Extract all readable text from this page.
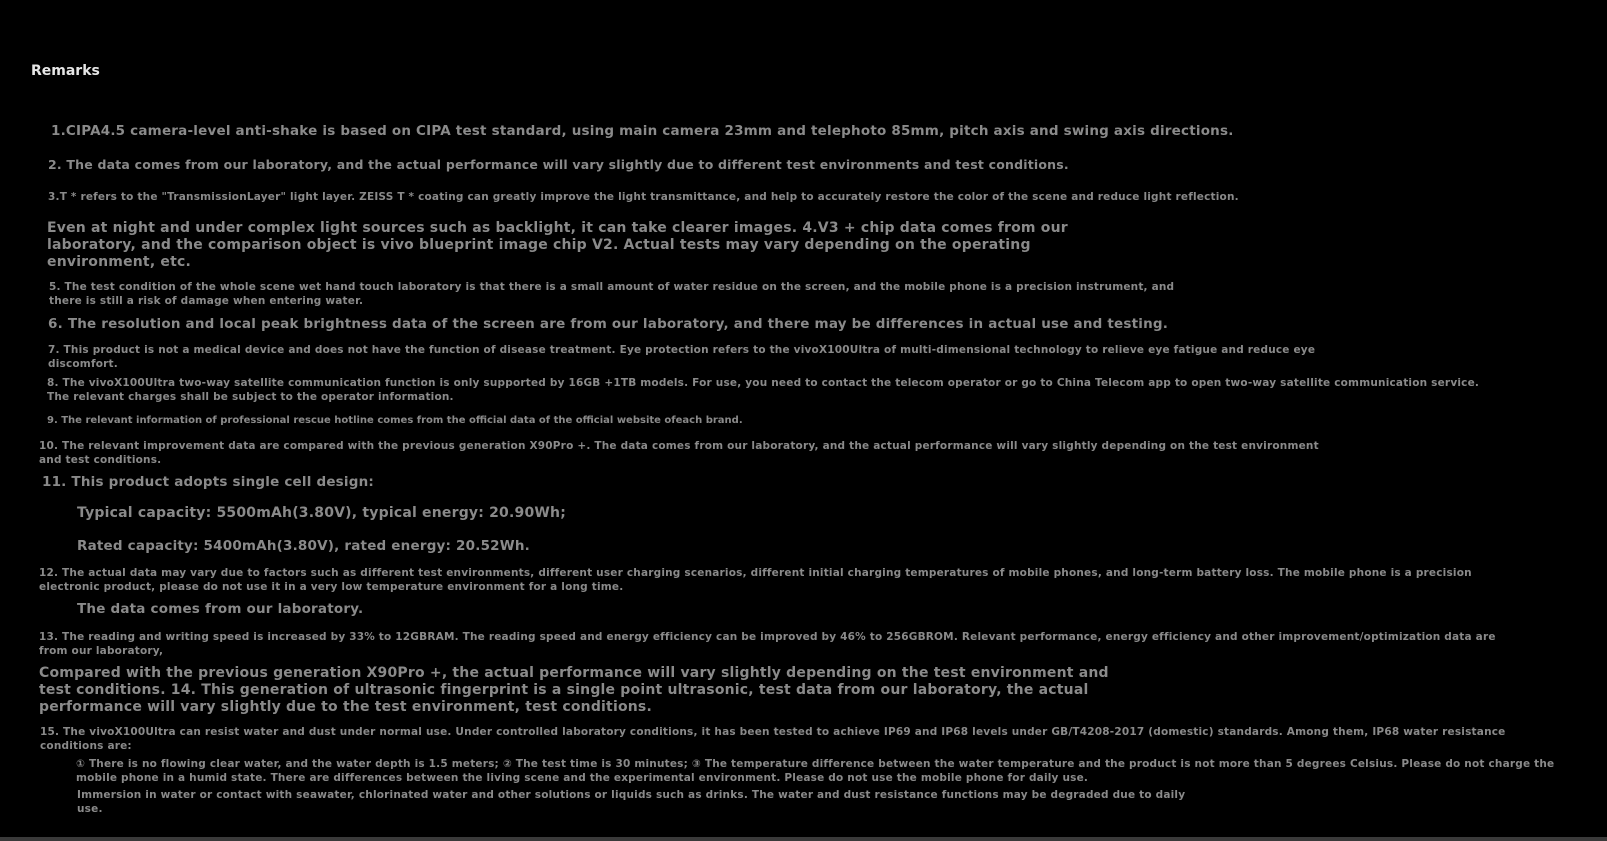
Remarks

1.CIPA4.5 camera-level anti-shake is based on CIPA test standard, using main camera 23mm and telephoto 85mm, pitch axis and swing axis directions.

2. The data comes from our laboratory, and the actual performance will vary slightly due to different test environments and test conditions.

3.T * refers to the "TransmissionLayer" light layer. ZEISS T * coating can greatly improve the light transmittance, and help to accurately restore the color of the scene and reduce light reflection.

Even at night and under complex light sources such as backlight, it can take clearer images. 4.V3 + chip data comes from our

laboratory, and the comparison object is vivo blueprint image chip V2. Actual tests may vary depending on the operating

environment, etc.

5. The test condition of the whole scene wet hand touch laboratory is that there is a small amount of water residue on the screen, and the mobile phone is a precision instrument, and

there is still a risk of damage when entering water.

6. The resolution and local peak brightness data of the screen are from our laboratory, and there may be differences in actual use and testing.

7. This product is not a medical device and does not have the function of disease treatment. Eye protection refers to the vivoX100Ultra of multi-dimensional technology to relieve eye fatigue and reduce eye

discomfort.

8. The vivoX100Ultra two-way satellite communication function is only supported by 16GB +1TB models. For use, you need to contact the telecom operator or go to China Telecom app to open two-way satellite communication service.

The relevant charges shall be subject to the operator information.

9. The relevant information of professional rescue hotline comes from the official data of the official website ofeach brand.

10. The relevant improvement data are compared with the previous generation X90Pro +. The data comes from our laboratory, and the actual performance will vary slightly depending on the test environment

and test conditions.

11. This product adopts single cell design:

Typical capacity: 5500mAh(3.80V), typical energy: 20.90Wh;

Rated capacity: 5400mAh(3.80V), rated energy: 20.52Wh.

12. The actual data may vary due to factors such as different test environments, different user charging scenarios, different initial charging temperatures of mobile phones, and long-term battery loss. The mobile phone is a precision

electronic product, please do not use it in a very low temperature environment for a long time.

The data comes from our laboratory.

13. The reading and writing speed is increased by 33% to 12GBRAM. The reading speed and energy efficiency can be improved by 46% to 256GBROM. Relevant performance, energy efficiency and other improvement/optimization data are

from our laboratory,

Compared with the previous generation X90Pro +, the actual performance will vary slightly depending on the test environment and

test conditions. 14. This generation of ultrasonic fingerprint is a single point ultrasonic, test data from our laboratory, the actual

performance will vary slightly due to the test environment, test conditions.

15. The vivoX100Ultra can resist water and dust under normal use. Under controlled laboratory conditions, it has been tested to achieve IP69 and IP68 levels under GB/T4208-2017 (domestic) standards. Among them, IP68 water resistance

conditions are:

① There is no flowing clear water, and the water depth is 1.5 meters; ② The test time is 30 minutes; ③ The temperature difference between the water temperature and the product is not more than 5 degrees Celsius. Please do not charge the

mobile phone in a humid state. There are differences between the living scene and the experimental environment. Please do not use the mobile phone for daily use.

Immersion in water or contact with seawater, chlorinated water and other solutions or liquids such as drinks. The water and dust resistance functions may be degraded due to daily

use.
